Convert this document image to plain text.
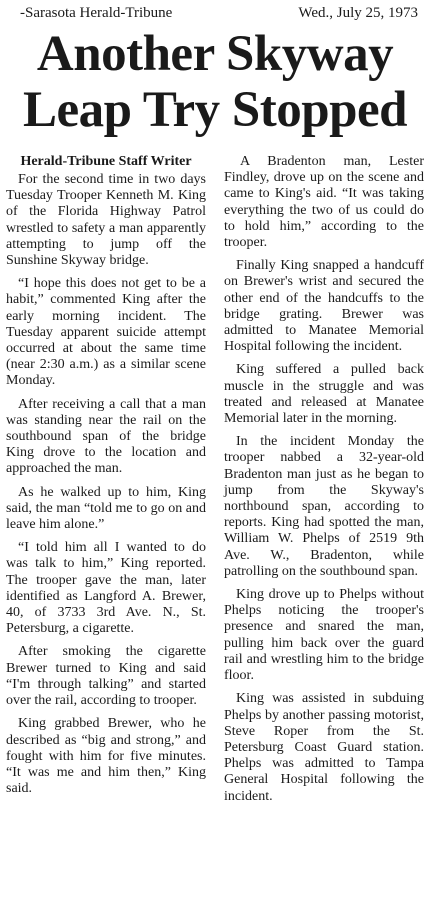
-Sarasota Herald-Tribune	Wed., July 25, 1973
Another Skyway
Leap Try Stopped
Herald-Tribune Staff Writer

For the second time in two days Tuesday Trooper Kenneth M. King of the Florida Highway Patrol wrestled to safety a man apparently attempting to jump off the Sunshine Skyway bridge.

“I hope this does not get to be a habit,” commented King after the early morning incident. The Tuesday apparent suicide attempt occurred at about the same time (near 2:30 a.m.) as a similar scene Monday.

After receiving a call that a man was standing near the rail on the southbound span of the bridge King drove to the location and approached the man.

As he walked up to him, King said, the man “told me to go on and leave him alone.”

“I told him all I wanted to do was talk to him,” King reported. The trooper gave the man, later identified as Langford A. Brewer, 40, of 3733 3rd Ave. N., St. Petersburg, a cigarette.

After smoking the cigarette Brewer turned to King and said “I'm through talking” and started over the rail, according to trooper.

King grabbed Brewer, who he described as “big and strong,” and fought with him for five minutes. “It was me and him then,” King said.

A Bradenton man, Lester Findley, drove up on the scene and came to King's aid. “It was taking everything the two of us could do to hold him,” according to the trooper.

Finally King snapped a handcuff on Brewer's wrist and secured the other end of the handcuffs to the bridge grating. Brewer was admitted to Manatee Memorial Hospital following the incident.

King suffered a pulled back muscle in the struggle and was treated and released at Manatee Memorial later in the morning.

In the incident Monday the trooper nabbed a 32-year-old Bradenton man just as he began to jump from the Skyway's northbound span, according to reports. King had spotted the man, William W. Phelps of 2519 9th Ave. W., Bradenton, while patrolling on the southbound span.

King drove up to Phelps without Phelps noticing the trooper's presence and snared the man, pulling him back over the guard rail and wrestling him to the bridge floor.

King was assisted in subduing Phelps by another passing motorist, Steve Roper from the St. Petersburg Coast Guard station. Phelps was admitted to Tampa General Hospital following the incident.
